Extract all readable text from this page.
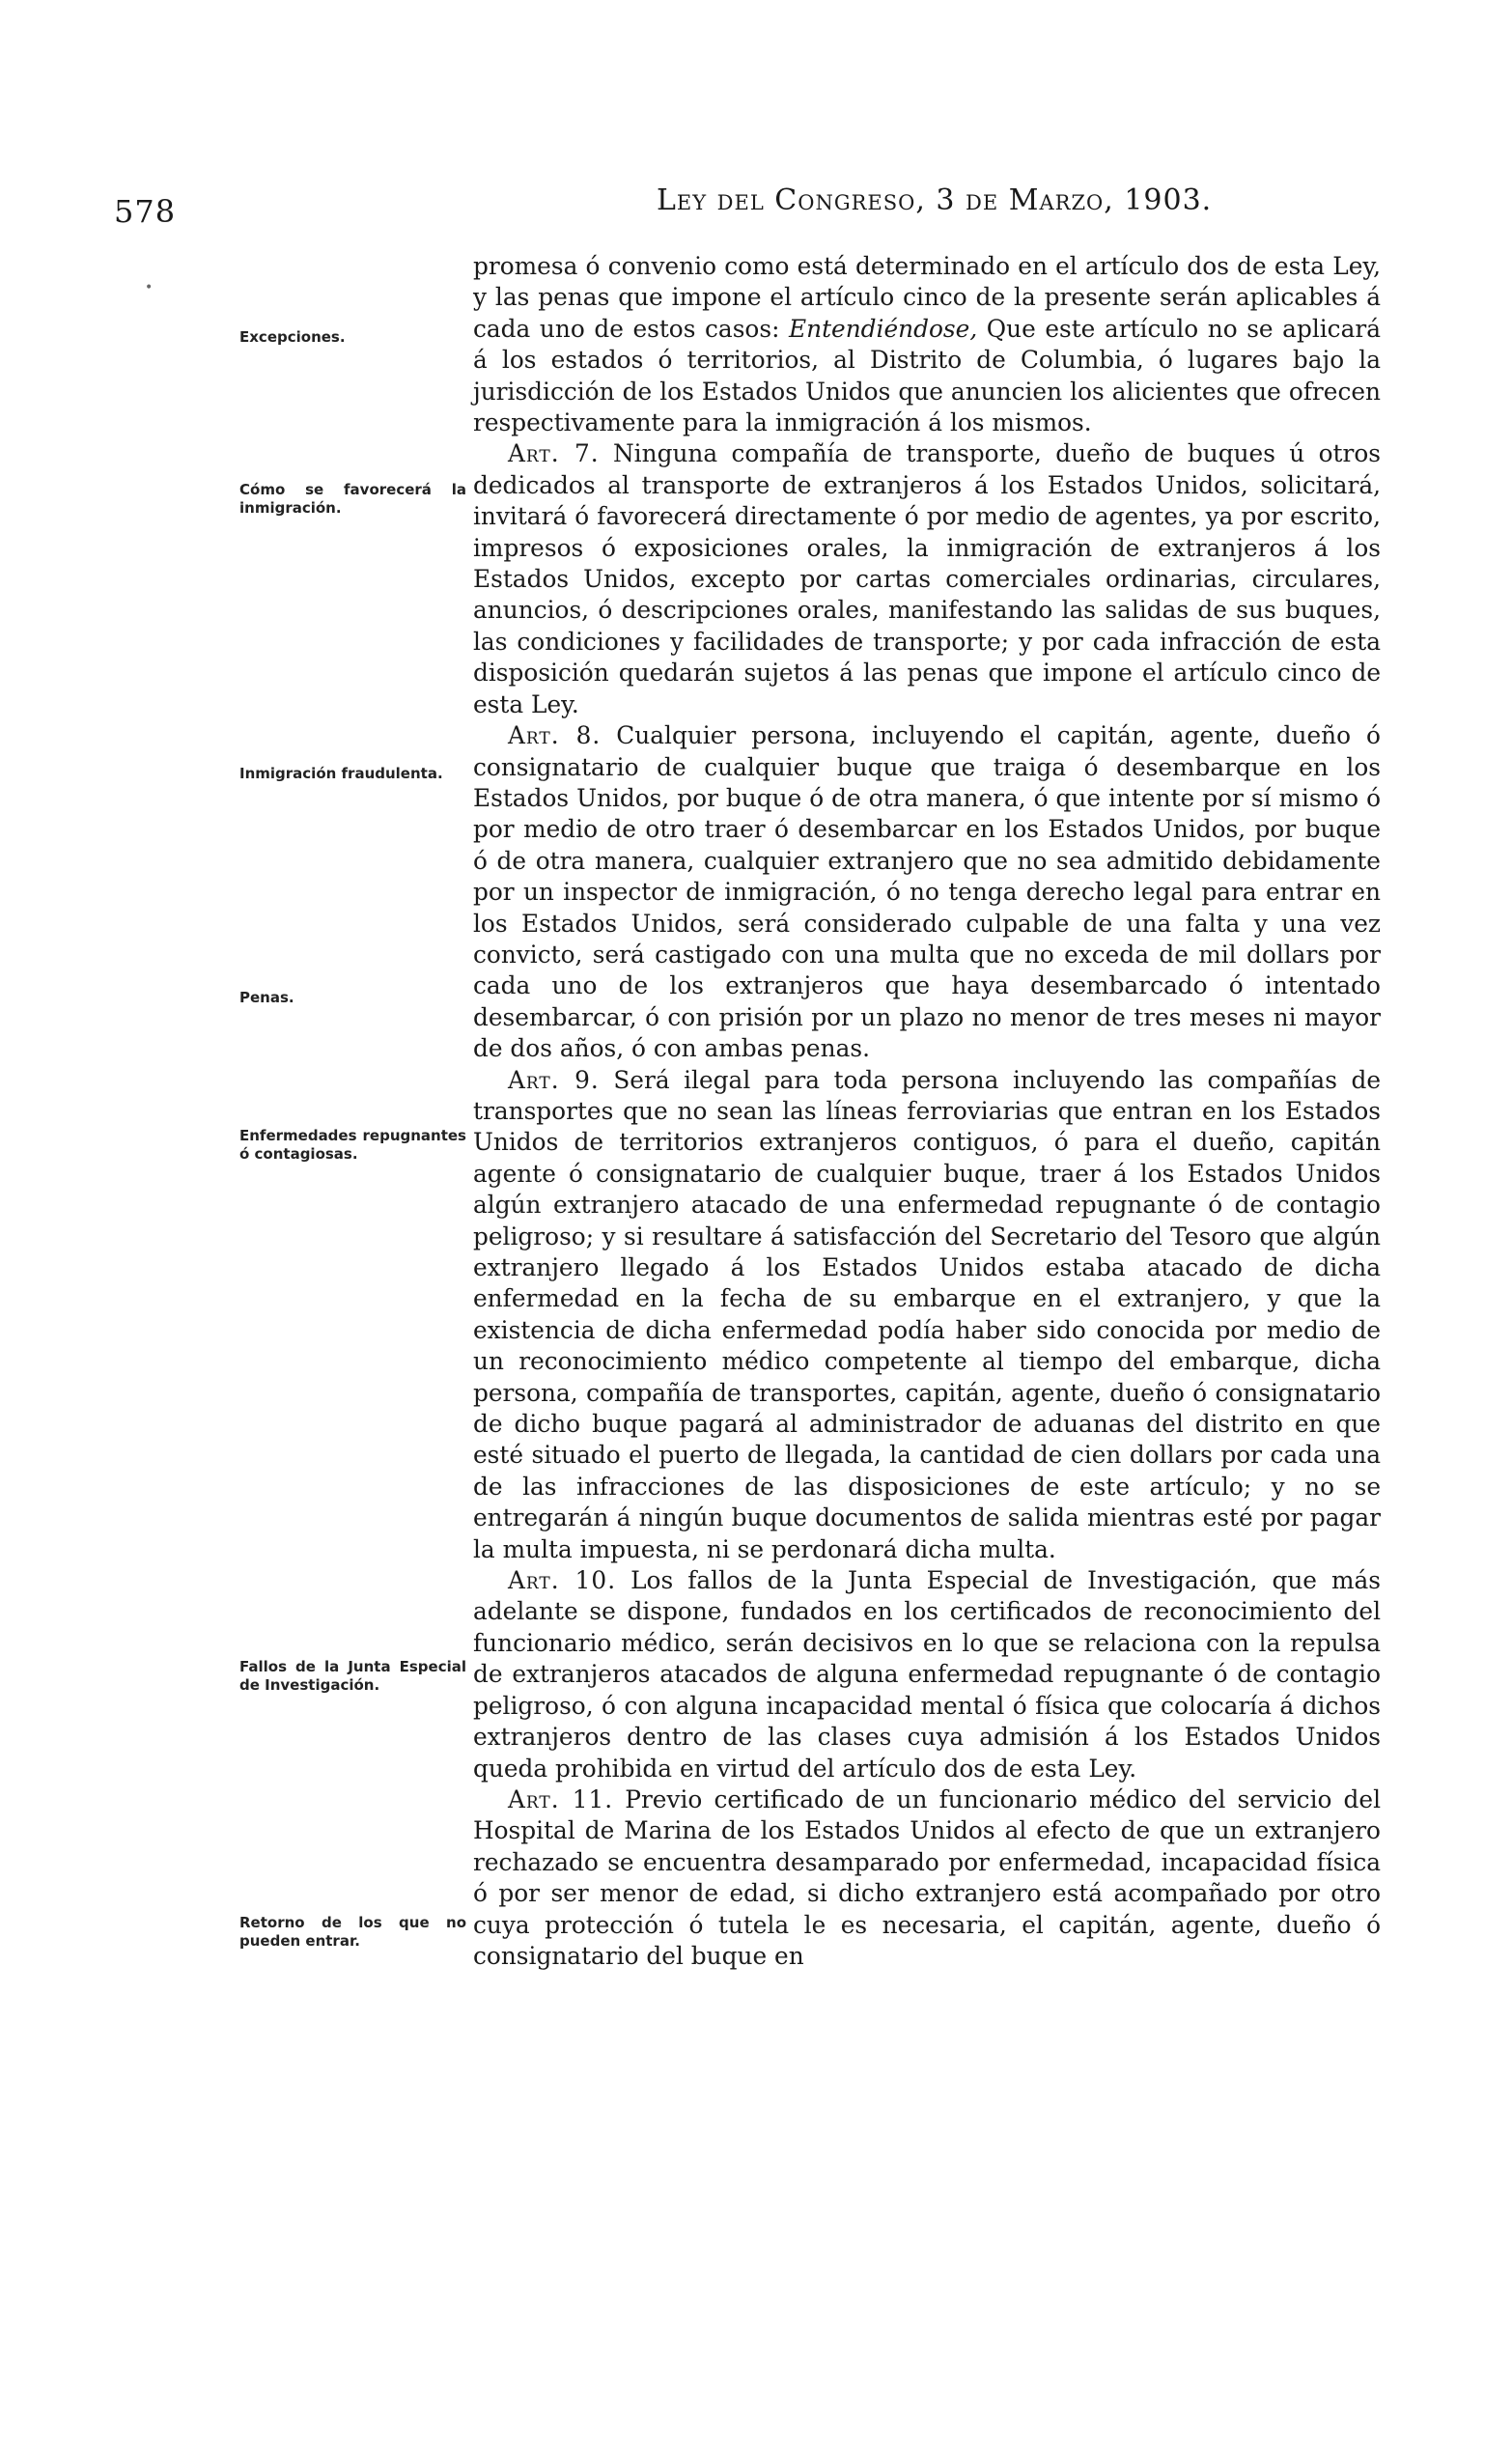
578	Ley del Congreso, 3 de Marzo, 1903.
•
Excepciones.
Cómo se favorecerá la inmigración.
Inmigración fraudulenta.
Penas.
Enfermedades repugnantes ó contagiosas.
Fallos de la Junta Especial de Investigación.
Retorno de los que no pueden entrar.

promesa ó convenio como está determinado en el artículo dos de esta Ley, y las penas que impone el artículo cinco de la presente serán aplicables á cada uno de estos casos: Entendiéndose, Que este artículo no se aplicará á los estados ó territorios, al Distrito de Columbia, ó lugares bajo la jurisdicción de los Estados Unidos que anuncien los alicientes que ofrecen respectivamente para la inmigración á los mismos.

Art. 7. Ninguna compañía de transporte, dueño de buques ú otros dedicados al transporte de extranjeros á los Estados Unidos, solicitará, invitará ó favorecerá directamente ó por medio de agentes, ya por escrito, impresos ó exposiciones orales, la inmigración de extranjeros á los Estados Unidos, excepto por cartas comerciales ordinarias, circulares, anuncios, ó descripciones orales, manifestando las salidas de sus buques, las condiciones y facilidades de transporte; y por cada infracción de esta disposición quedarán sujetos á las penas que impone el artículo cinco de esta Ley.

Art. 8. Cualquier persona, incluyendo el capitán, agente, dueño ó consignatario de cualquier buque que traiga ó desembarque en los Estados Unidos, por buque ó de otra manera, ó que intente por sí mismo ó por medio de otro traer ó desembarcar en los Estados Unidos, por buque ó de otra manera, cualquier extranjero que no sea admitido debidamente por un inspector de inmigración, ó no tenga derecho legal para entrar en los Estados Unidos, será considerado culpable de una falta y una vez convicto, será castigado con una multa que no exceda de mil dollars por cada uno de los extranjeros que haya desembarcado ó intentado desembarcar, ó con prisión por un plazo no menor de tres meses ni mayor de dos años, ó con ambas penas.

Art. 9. Será ilegal para toda persona incluyendo las compañías de transportes que no sean las líneas ferroviarias que entran en los Estados Unidos de territorios extranjeros contiguos, ó para el dueño, capitán agente ó consignatario de cualquier buque, traer á los Estados Unidos algún extranjero atacado de una enfermedad repugnante ó de contagio peligroso; y si resultare á satisfacción del Secretario del Tesoro que algún extranjero llegado á los Estados Unidos estaba atacado de dicha enfermedad en la fecha de su embarque en el extranjero, y que la existencia de dicha enfermedad podía haber sido conocida por medio de un reconocimiento médico competente al tiempo del embarque, dicha persona, compañía de transportes, capitán, agente, dueño ó consignatario de dicho buque pagará al administrador de aduanas del distrito en que esté situado el puerto de llegada, la cantidad de cien dollars por cada una de las infracciones de las disposiciones de este artículo; y no se entregarán á ningún buque documentos de salida mientras esté por pagar la multa impuesta, ni se perdonará dicha multa.

Art. 10. Los fallos de la Junta Especial de Investigación, que más adelante se dispone, fundados en los certificados de reconocimiento del funcionario médico, serán decisivos en lo que se relaciona con la repulsa de extranjeros atacados de alguna enfermedad repugnante ó de contagio peligroso, ó con alguna incapacidad mental ó física que colocaría á dichos extranjeros dentro de las clases cuya admisión á los Estados Unidos queda prohibida en virtud del artículo dos de esta Ley.

Art. 11. Previo certificado de un funcionario médico del servicio del Hospital de Marina de los Estados Unidos al efecto de que un extranjero rechazado se encuentra desamparado por enfermedad, incapacidad física ó por ser menor de edad, si dicho extranjero está acompañado por otro cuya protección ó tutela le es necesaria, el capitán, agente, dueño ó consignatario del buque en
